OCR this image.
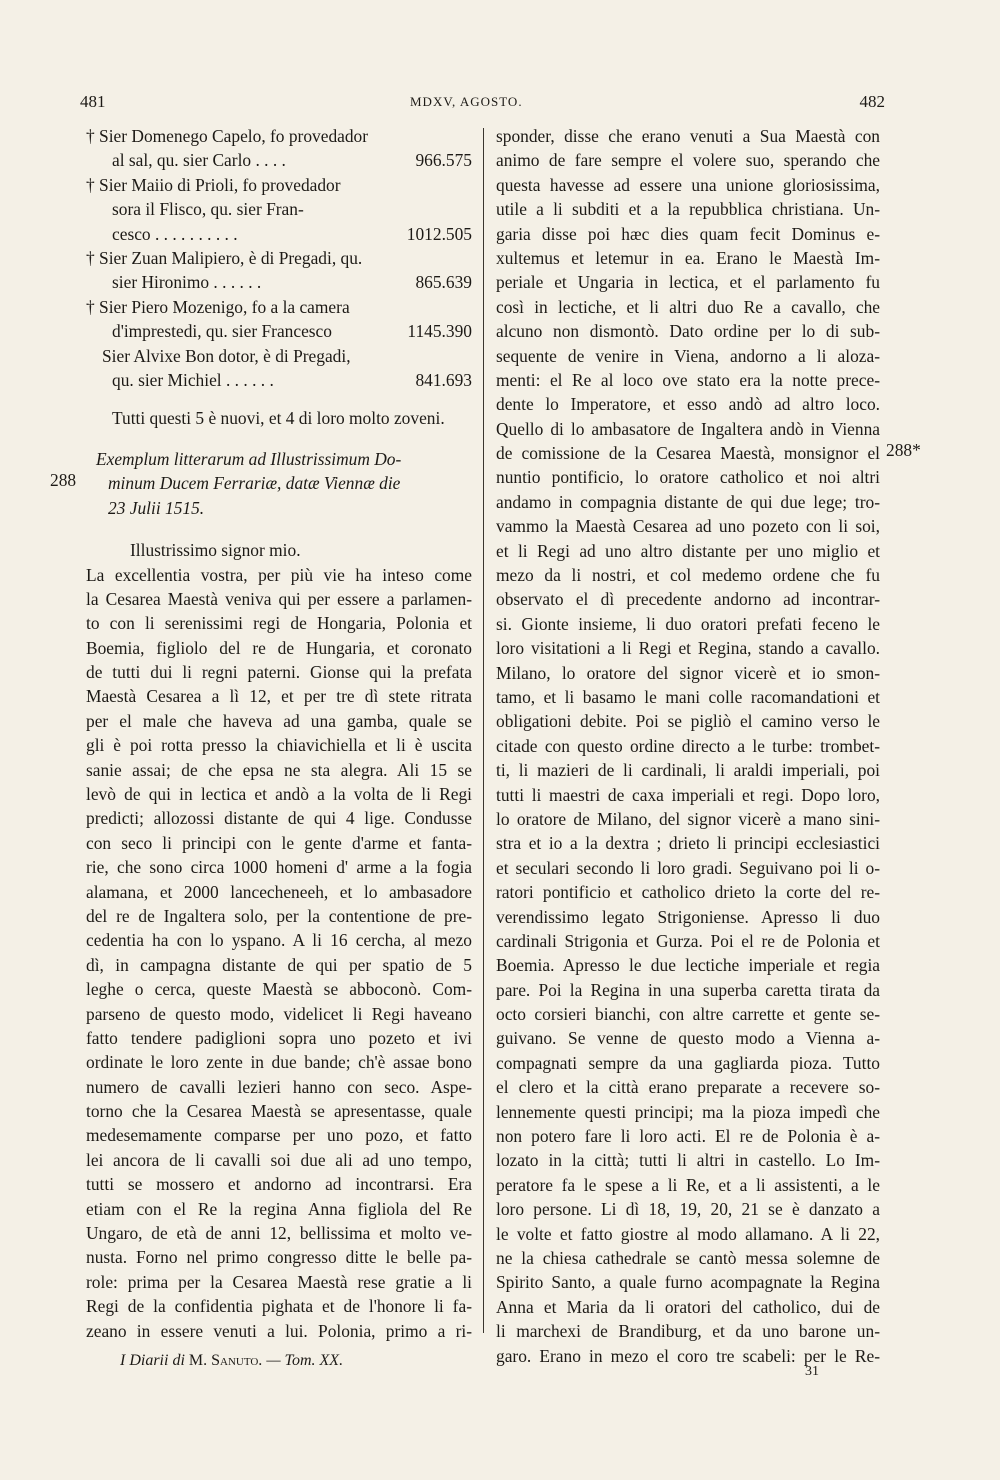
481	MDXV, AGOSTO.	482
288
288*
† Sier Domenego Capelo, fo provedador
al sal, qu. sier Carlo . . . .	966.575
† Sier Maiio di Prioli, fo provedador
sora il Flisco, qu. sier Fran-
cesco . . . . . . . . . .	1012.505
† Sier Zuan Malipiero, è di Pregadi, qu.
sier Hironimo . . . . . .	865.639
† Sier Piero Mozenigo, fo a la camera
d'imprestedi, qu. sier Francesco	1145.390
Sier Alvixe Bon dotor, è di Pregadi,
qu. sier Michiel . . . . . .	841.693
Tutti questi 5 è nuovi, et 4 di loro molto zoveni.
Exemplum litterarum ad Illustrissimum Do-
minum Ducem Ferrariæ, datæ Viennæ die
23 Julii 1515.
Illustrissimo signor mio.
La excellentia vostra, per più vie ha inteso come
la Cesarea Maestà veniva qui per essere a parlamen-
to con li serenissimi regi de Hongaria, Polonia et
Boemia, figliolo del re de Hungaria, et coronato
de tutti dui li regni paterni. Gionse qui la prefata
Maestà Cesarea a lì 12, et per tre dì stete ritrata
per el male che haveva ad una gamba, quale se
gli è poi rotta presso la chiavichiella et li è uscita
sanie assai; de che epsa ne sta alegra. Ali 15 se
levò de qui in lectica et andò a la volta de li Regi
predicti; allozossi distante de qui 4 lige. Condusse
con seco li principi con le gente d'arme et fanta-
rie, che sono circa 1000 homeni d' arme a la fogia
alamana, et 2000 lancecheneeh, et lo ambasadore
del re de Ingaltera solo, per la contentione de pre-
cedentia ha con lo yspano. A li 16 cercha, al mezo
dì, in campagna distante de qui per spatio de 5
leghe o cerca, queste Maestà se abboconò. Com-
parseno de questo modo, videlicet li Regi haveano
fatto tendere padiglioni sopra uno pozeto et ivi
ordinate le loro zente in due bande; ch'è assae bono
numero de cavalli lezieri hanno con seco. Aspe-
torno che la Cesarea Maestà se apresentasse, quale
medesemamente comparse per uno pozo, et fatto
lei ancora de li cavalli soi due ali ad uno tempo,
tutti se mossero et andorno ad incontrarsi. Era
etiam con el Re la regina Anna figliola del Re
Ungaro, de età de anni 12, bellissima et molto ve-
nusta. Forno nel primo congresso ditte le belle pa-
role: prima per la Cesarea Maestà rese gratie a li
Regi de la confidentia pighata et de l'honore li fa-
zeano in essere venuti a lui. Polonia, primo a ri-
sponder, disse che erano venuti a Sua Maestà con
animo de fare sempre el volere suo, sperando che
questa havesse ad essere una unione gloriosissima,
utile a li subditi et a la repubblica christiana. Un-
garia disse poi hæc dies quam fecit Dominus e-
xultemus et letemur in ea. Erano le Maestà Im-
periale et Ungaria in lectica, et el parlamento fu
così in lectiche, et li altri duo Re a cavallo, che
alcuno non dismontò. Dato ordine per lo di sub-
sequente de venire in Viena, andorno a li aloza-
menti: el Re al loco ove stato era la notte prece-
dente lo Imperatore, et esso andò ad altro loco.
Quello di lo ambasatore de Ingaltera andò in Vienna
de comissione de la Cesarea Maestà, monsignor el
nuntio pontificio, lo oratore catholico et noi altri
andamo in compagnia distante de qui due lege; tro-
vammo la Maestà Cesarea ad uno pozeto con li soi,
et li Regi ad uno altro distante per uno miglio et
mezo da li nostri, et col medemo ordene che fu
observato el dì precedente andorno ad incontrar-
si. Gionte insieme, li duo oratori prefati feceno le
loro visitationi a li Regi et Regina, stando a cavallo.
Milano, lo oratore del signor vicerè et io smon-
tamo, et li basamo le mani colle racomandationi et
obligationi debite. Poi se pigliò el camino verso le
citade con questo ordine directo a le turbe: trombet-
ti, li mazieri de li cardinali, li araldi imperiali, poi
tutti li maestri de caxa imperiali et regi. Dopo loro,
lo oratore de Milano, del signor vicerè a mano sini-
stra et io a la dextra ; drieto li principi ecclesiastici
et seculari secondo li loro gradi. Seguivano poi li o-
ratori pontificio et catholico drieto la corte del re-
verendissimo legato Strigoniense. Apresso li duo
cardinali Strigonia et Gurza. Poi el re de Polonia et
Boemia. Apresso le due lectiche imperiale et regia
pare. Poi la Regina in una superba caretta tirata da
octo corsieri bianchi, con altre carrette et gente se-
guivano. Se venne de questo modo a Vienna a-
compagnati sempre da una gagliarda pioza. Tutto
el clero et la città erano preparate a recevere so-
lennemente questi principi; ma la pioza impedì che
non potero fare li loro acti. El re de Polonia è a-
lozato in la città; tutti li altri in castello. Lo Im-
peratore fa le spese a li Re, et a li assistenti, a le
loro persone. Li dì 18, 19, 20, 21 se è danzato a
le volte et fatto giostre al modo allamano. A li 22,
ne la chiesa cathedrale se cantò messa solemne de
Spirito Santo, a quale furno acompagnate la Regina
Anna et Maria da li oratori del catholico, dui de
li marchexi de Brandiburg, et da uno barone un-
garo. Erano in mezo el coro tre scabeli: per le Re-
I Diarii di M. Sanuto. — Tom. XX.
31
